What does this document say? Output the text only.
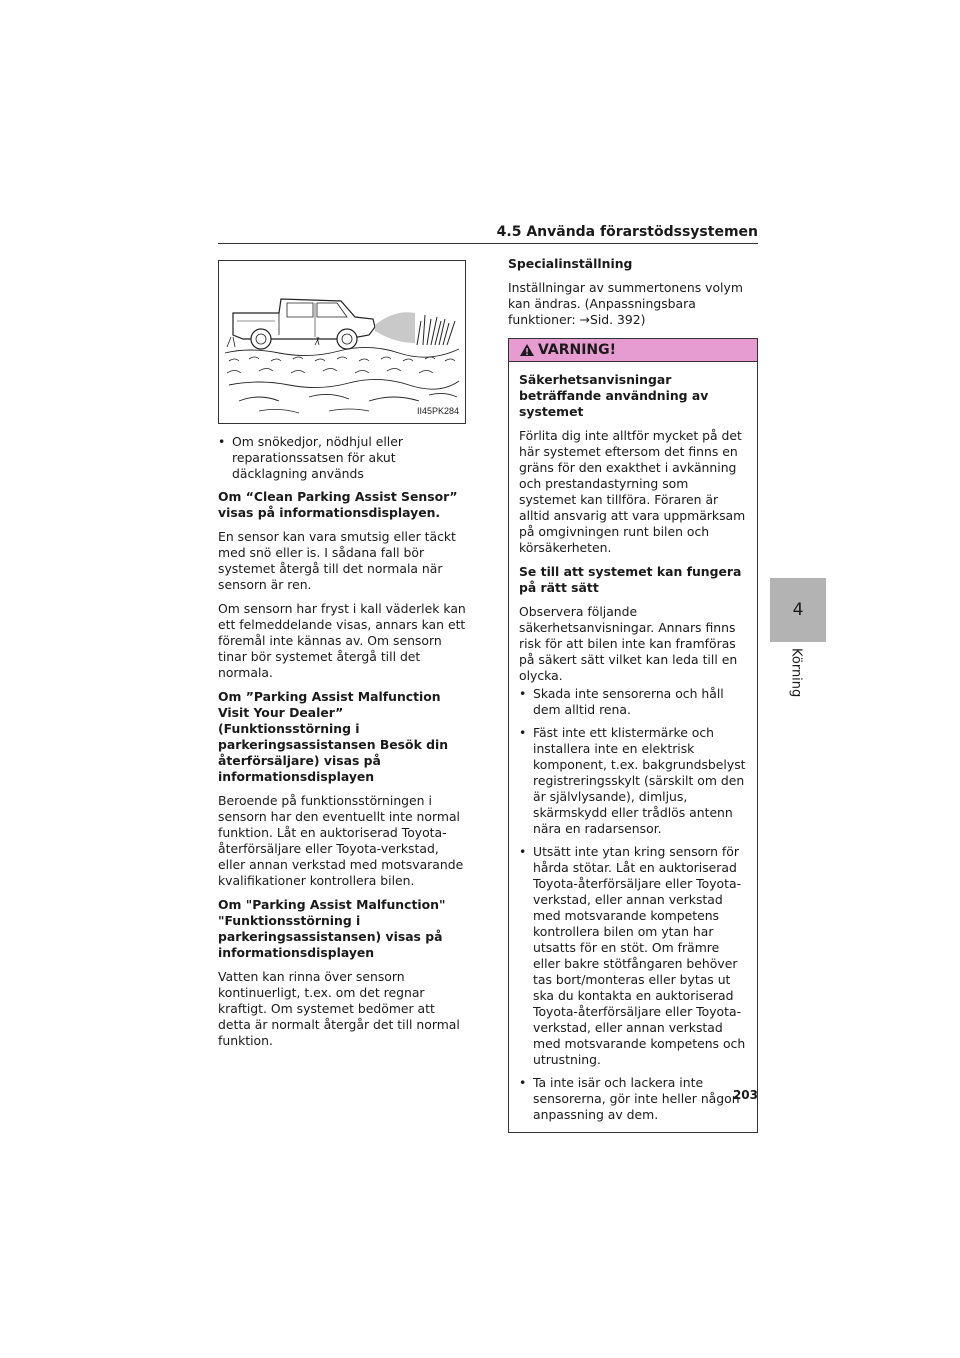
4.5 Använda förarstödssystemen
4
Körning
II45PK284
• Om snökedjor, nödhjul eller reparationssatsen för akut däcklagning används

Om “Clean Parking Assist Sensor” visas på informationsdisplayen.

En sensor kan vara smutsig eller täckt med snö eller is. I sådana fall bör systemet återgå till det normala när sensorn är ren.

Om sensorn har fryst i kall väderlek kan ett felmeddelande visas, annars kan ett föremål inte kännas av. Om sensorn tinar bör systemet återgå till det normala.

Om ”Parking Assist Malfunction Visit Your Dealer” (Funktionsstörning i parkeringsassistansen Besök din återförsäljare) visas på informationsdisplayen

Beroende på funktionsstörningen i sensorn har den eventuellt inte normal funktion. Låt en auktoriserad Toyota-återförsäljare eller Toyota-verkstad, eller annan verkstad med motsvarande kvalifikationer kontrollera bilen.

Om "Parking Assist Malfunction" "Funktionsstörning i parkeringsassistansen) visas på informationsdisplayen

Vatten kan rinna över sensorn kontinuerligt, t.ex. om det regnar kraftigt. Om systemet bedömer att detta är normalt återgår det till normal funktion.

Specialinställning

Inställningar av summertonens volym kan ändras. (Anpassningsbara funktioner: →Sid. 392)

VARNING!

Säkerhetsanvisningar beträffande användning av systemet

Förlita dig inte alltför mycket på det här systemet eftersom det finns en gräns för den exakthet i avkänning och prestandastyrning som systemet kan tillföra. Föraren är alltid ansvarig att vara uppmärksam på omgivningen runt bilen och körsäkerheten.

Se till att systemet kan fungera på rätt sätt

Observera följande säkerhetsanvisningar. Annars finns risk för att bilen inte kan framföras på säkert sätt vilket kan leda till en olycka.

• Skada inte sensorerna och håll dem alltid rena.
• Fäst inte ett klistermärke och installera inte en elektrisk komponent, t.ex. bakgrundsbelyst registreringsskylt (särskilt om den är självlysande), dimljus, skärmskydd eller trådlös antenn nära en radarsensor.
• Utsätt inte ytan kring sensorn för hårda stötar. Låt en auktoriserad Toyota-återförsäljare eller Toyota-verkstad, eller annan verkstad med motsvarande kompetens kontrollera bilen om ytan har utsatts för en stöt. Om främre eller bakre stötfångaren behöver tas bort/monteras eller bytas ut ska du kontakta en auktoriserad Toyota-återförsäljare eller Toyota-verkstad, eller annan verkstad med motsvarande kompetens och utrustning.
• Ta inte isär och lackera inte sensorerna, gör inte heller någon anpassning av dem.
203
